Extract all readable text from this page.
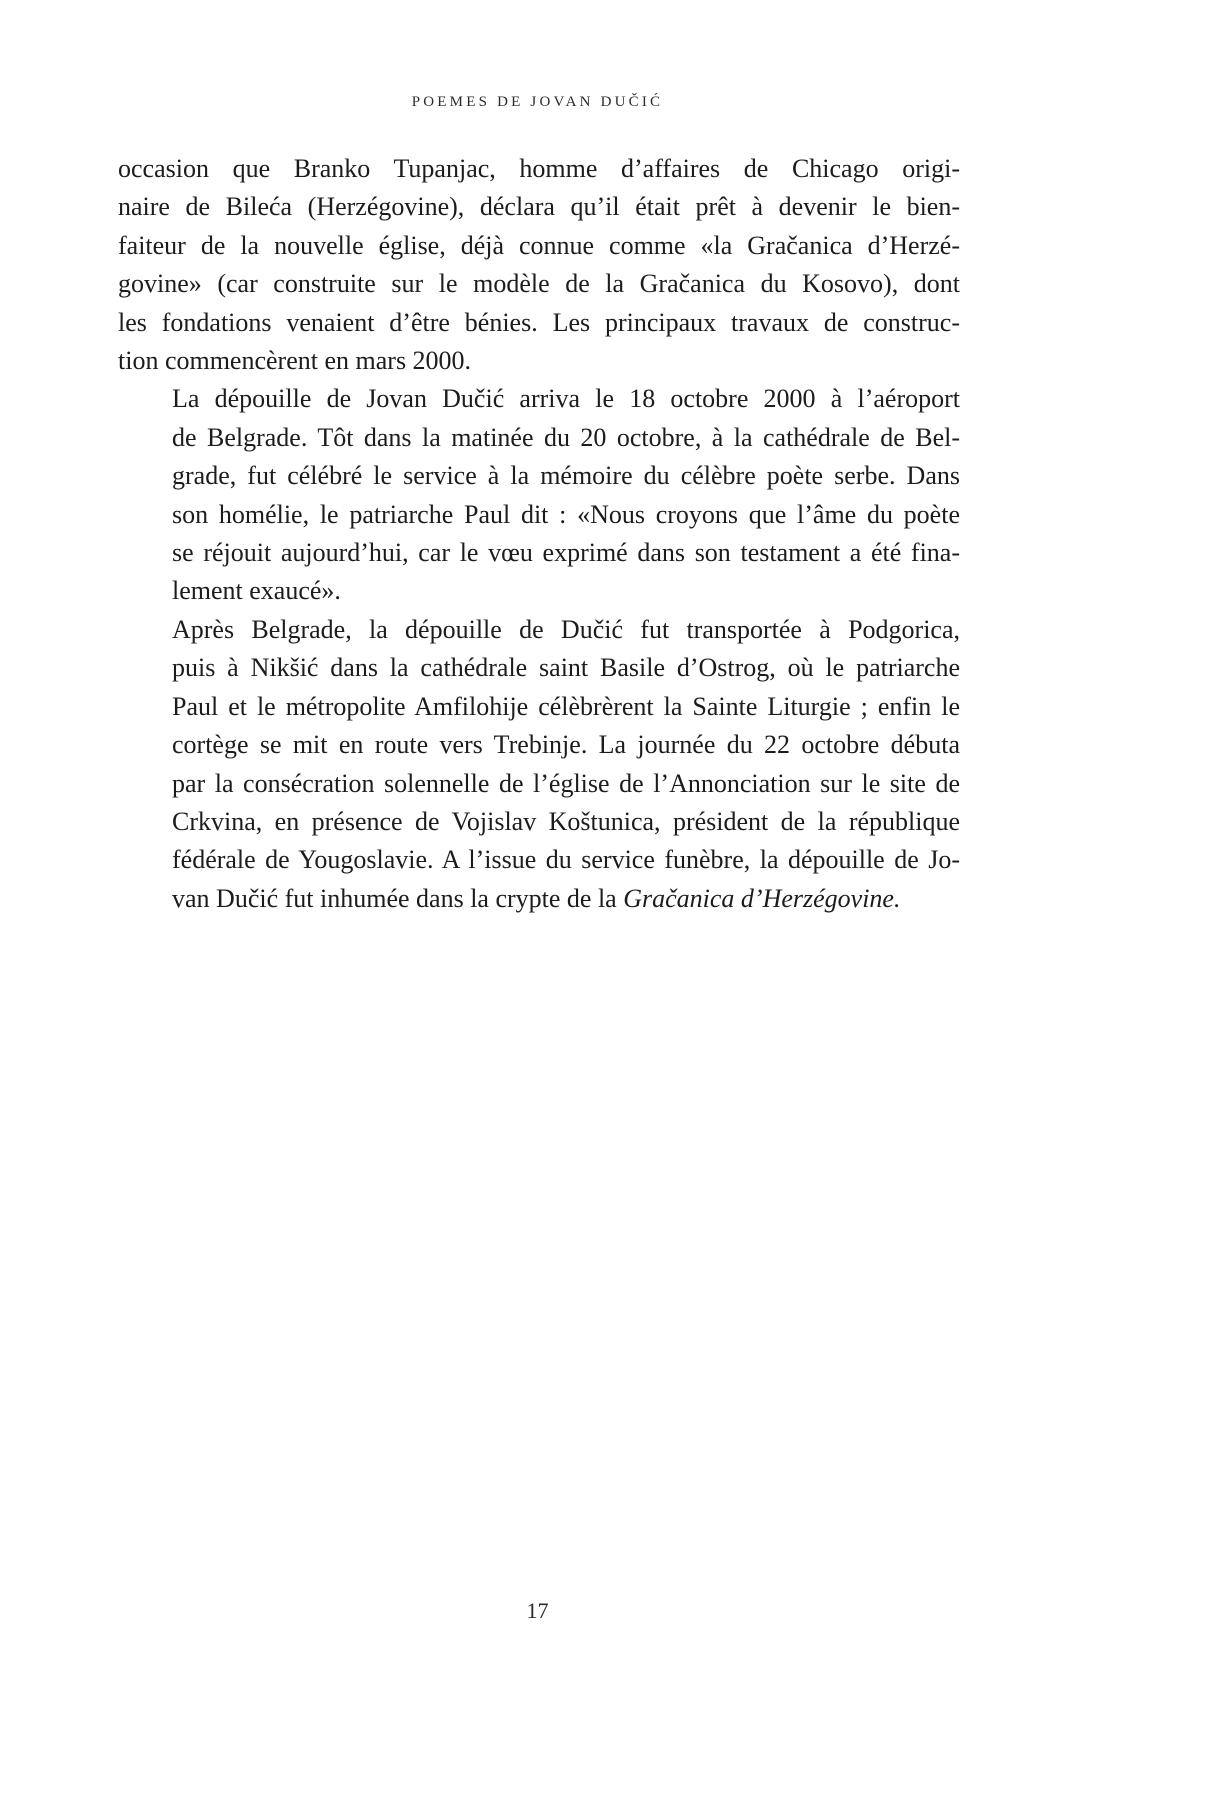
POEMES DE JOVAN DUČIĆ

occasion que Branko Tupanjac, homme d’affaires de Chicago origi-
naire de Bileća (Herzégovine), déclara qu’il était prêt à devenir le bien-
faiteur de la nouvelle église, déjà connue comme «la Gračanica d’Herzé-
govine» (car construite sur le modèle de la Gračanica du Kosovo), dont
les fondations venaient d’être bénies. Les principaux travaux de construc-
tion commencèrent en mars 2000.

La dépouille de Jovan Dučić arriva le 18 octobre 2000 à l’aéroport
de Belgrade. Tôt dans la matinée du 20 octobre, à la cathédrale de Bel-
grade, fut célébré le service à la mémoire du célèbre poète serbe. Dans
son homélie, le patriarche Paul dit : «Nous croyons que l’âme du poète
se réjouit aujourd’hui, car le vœu exprimé dans son testament a été fina-
lement exaucé».

Après Belgrade, la dépouille de Dučić fut transportée à Podgorica,
puis à Nikšić dans la cathédrale saint Basile d’Ostrog, où le patriarche
Paul et le métropolite Amfilohije célèbrèrent la Sainte Liturgie ; enfin le
cortège se mit en route vers Trebinje. La journée du 22 octobre débuta
par la consécration solennelle de l’église de l’Annonciation sur le site de
Crkvina, en présence de Vojislav Koštunica, président de la république
fédérale de Yougoslavie. A l’issue du service funèbre, la dépouille de Jo-
van Dučić fut inhumée dans la crypte de la Gračanica d’Herzégovine.

17
